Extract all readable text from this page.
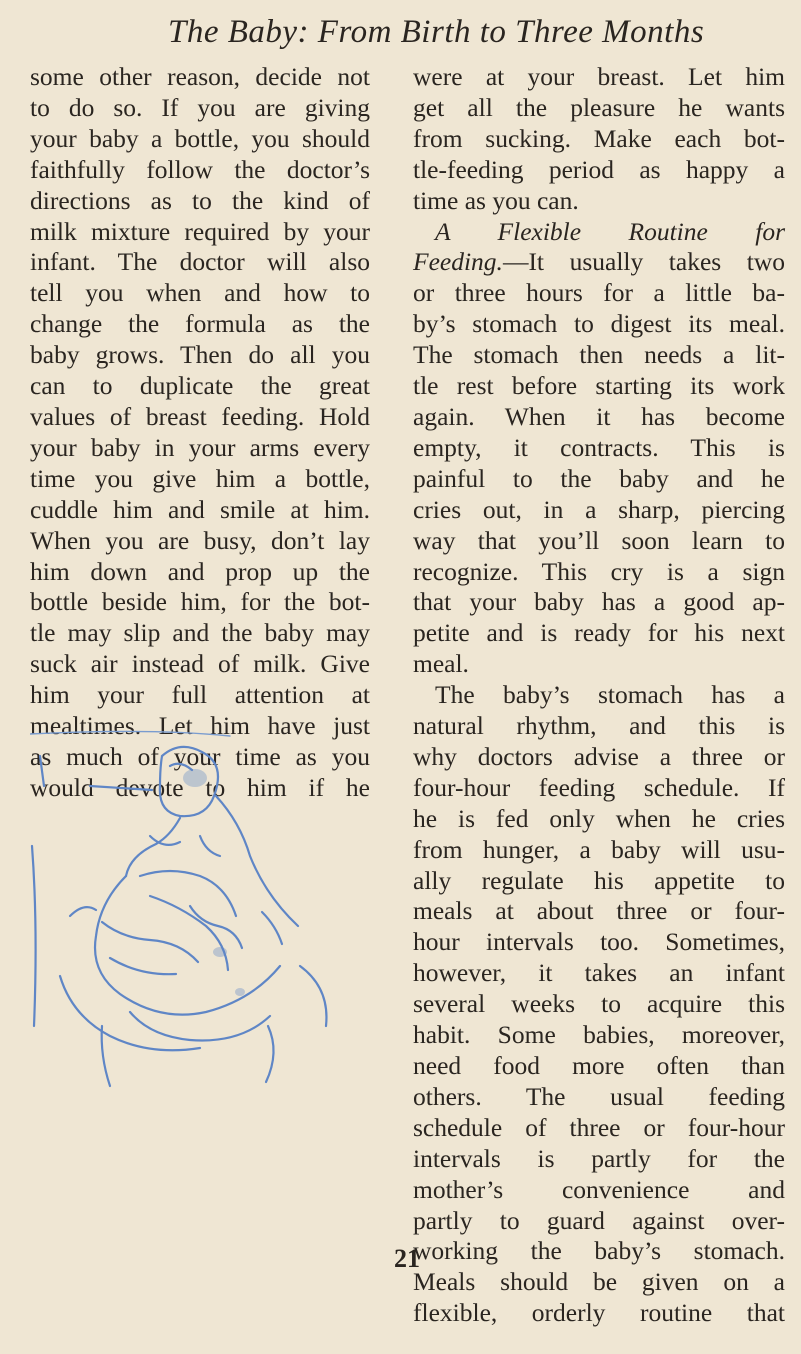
The Baby: From Birth to Three Months
some other reason, decide not
to do so. If you are giving
your baby a bottle, you should
faithfully follow the doctor’s
directions as to the kind of
milk mixture required by your
infant. The doctor will also
tell you when and how to
change the formula as the
baby grows. Then do all you
can to duplicate the great
values of breast feeding. Hold
your baby in your arms every
time you give him a bottle,
cuddle him and smile at him.
When you are busy, don’t lay
him down and prop up the
bottle beside him, for the bot-
tle may slip and the baby may
suck air instead of milk. Give
him your full attention at
mealtimes. Let him have just
as much of your time as you
would devote to him if he
were at your breast. Let him
get all the pleasure he wants
from sucking. Make each bot-
tle-feeding period as happy a
time as you can.
A Flexible Routine for
Feeding.—It usually takes two
or three hours for a little ba-
by’s stomach to digest its meal.
The stomach then needs a lit-
tle rest before starting its work
again. When it has become
empty, it contracts. This is
painful to the baby and he
cries out, in a sharp, piercing
way that you’ll soon learn to
recognize. This cry is a sign
that your baby has a good ap-
petite and is ready for his next
meal.
The baby’s stomach has a
natural rhythm, and this is
why doctors advise a three or
four-hour feeding schedule. If
he is fed only when he cries
from hunger, a baby will usu-
ally regulate his appetite to
meals at about three or four-
hour intervals too. Sometimes,
however, it takes an infant
several weeks to acquire this
habit. Some babies, moreover,
need food more often than
others. The usual feeding
schedule of three or four-hour
intervals is partly for the
mother’s convenience and
partly to guard against over-
working the baby’s stomach.
Meals should be given on a
flexible, orderly routine that
21
